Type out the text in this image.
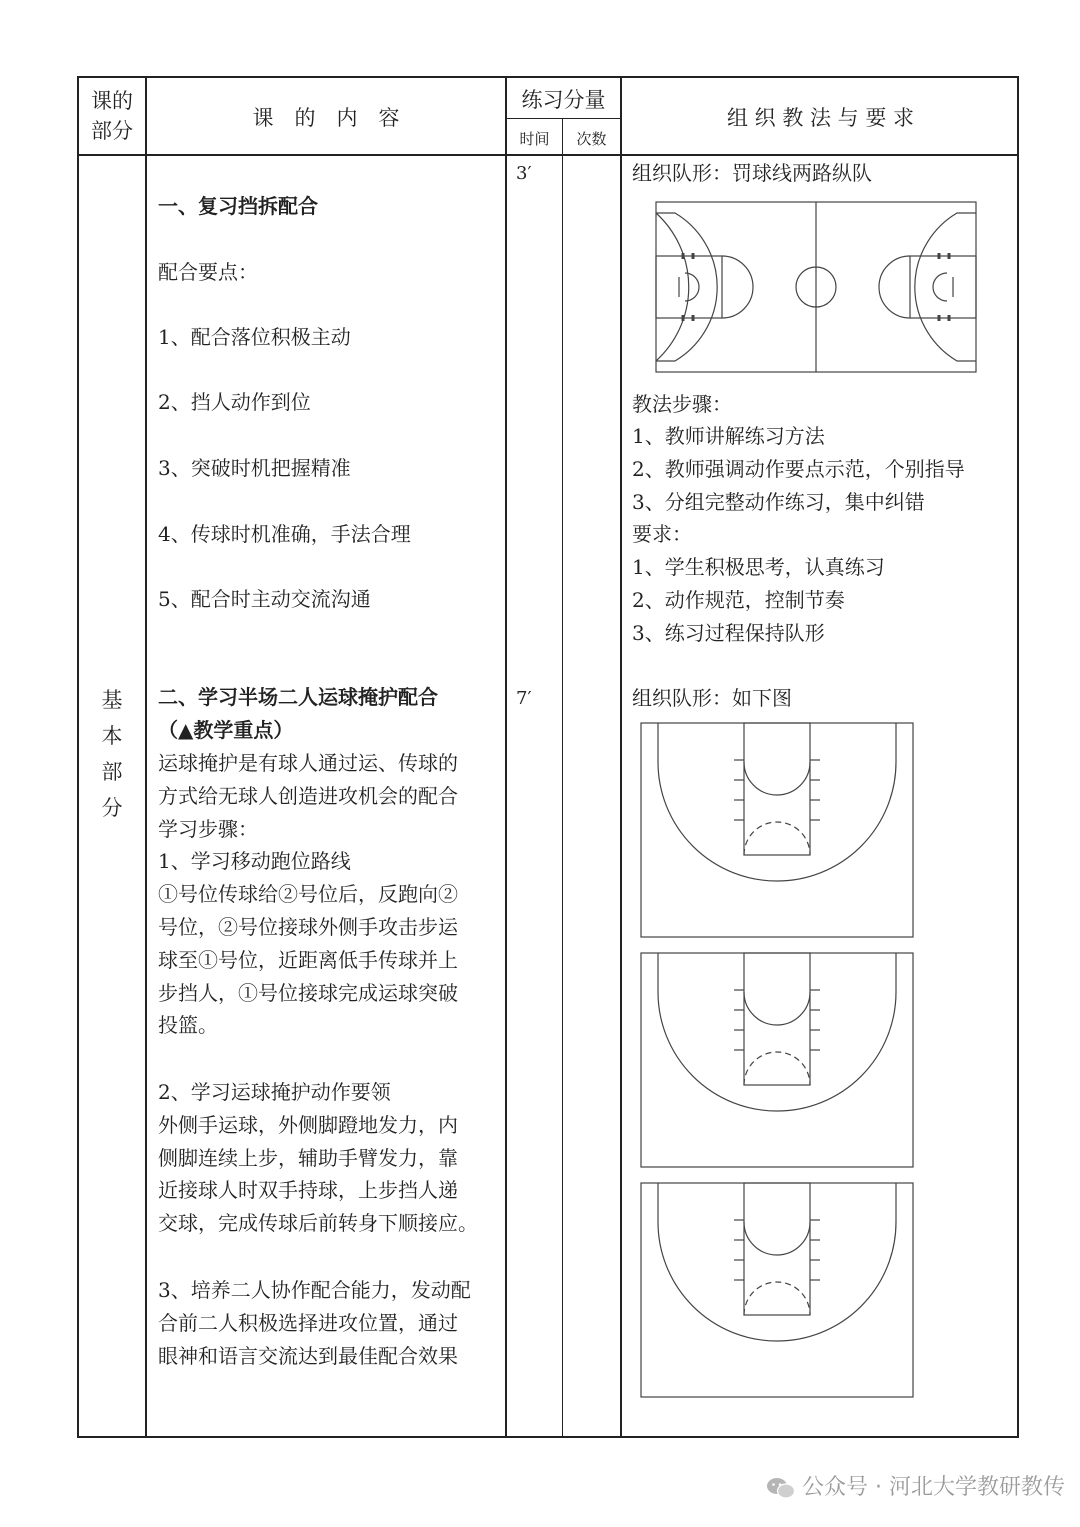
课的
部分
课　的　内　容
练习分量
时间	次数
组 织 教 法 与 要 求
基
本
部
分
一、复习挡拆配合
配合要点：
1、配合落位积极主动
2、挡人动作到位
3、突破时机把握精准
4、传球时机准确，手法合理
5、配合时主动交流沟通
二、学习半场二人运球掩护配合
（▲教学重点）
运球掩护是有球人通过运、传球的
方式给无球人创造进攻机会的配合
学习步骤：
1、学习移动跑位路线
①号位传球给②号位后，反跑向②
号位，②号位接球外侧手攻击步运
球至①号位，近距离低手传球并上
步挡人，①号位接球完成运球突破
投篮。
2、学习运球掩护动作要领
外侧手运球，外侧脚蹬地发力，内
侧脚连续上步，辅助手臂发力，靠
近接球人时双手持球，上步挡人递
交球，完成传球后前转身下顺接应。
3、培养二人协作配合能力，发动配
合前二人积极选择进攻位置，通过
眼神和语言交流达到最佳配合效果
3′
7′
组织队形：罚球线两路纵队
教法步骤：
1、教师讲解练习方法
2、教师强调动作要点示范，个别指导
3、分组完整动作练习，集中纠错
要求：
1、学生积极思考，认真练习
2、动作规范，控制节奏
3、练习过程保持队形
组织队形：如下图
公众号 · 河北大学教研教传
